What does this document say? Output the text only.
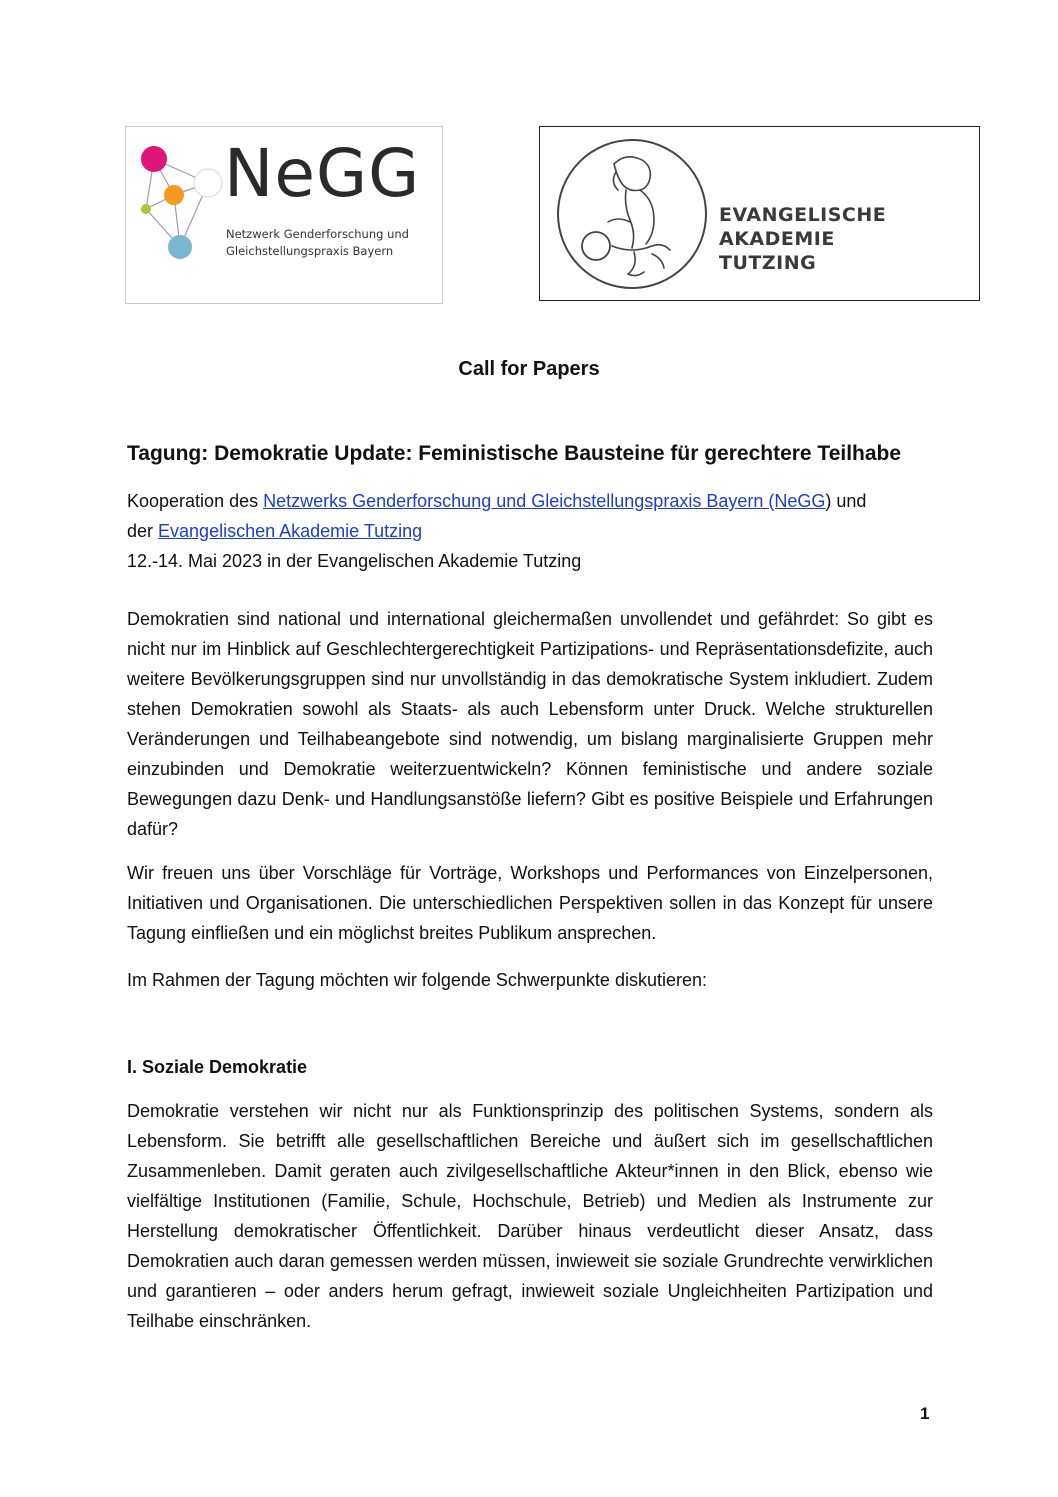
NeGG
Netzwerk Genderforschung und
Gleichstellungspraxis Bayern
EVANGELISCHE AKADEMIE
TUTZING
Call for Papers
Tagung: Demokratie Update: Feministische Bausteine für gerechtere Teilhabe
Kooperation des Netzwerks Genderforschung und Gleichstellungspraxis Bayern (NeGG) und
der Evangelischen Akademie Tutzing
12.-14. Mai 2023 in der Evangelischen Akademie Tutzing

Demokratien sind national und international gleichermaßen unvollendet und gefährdet: So gibt es nicht nur im Hinblick auf Geschlechtergerechtigkeit Partizipations- und Repräsentationsdefizite, auch weitere Bevölkerungsgruppen sind nur unvollständig in das demokratische System inkludiert. Zudem stehen Demokratien sowohl als Staats- als auch Lebensform unter Druck. Welche strukturellen Veränderungen und Teilhabeangebote sind notwendig, um bislang marginalisierte Gruppen mehr einzubinden und Demokratie weiterzuentwickeln? Können feministische und andere soziale Bewegungen dazu Denk- und Handlungsanstöße liefern? Gibt es positive Beispiele und Erfahrungen dafür?

Wir freuen uns über Vorschläge für Vorträge, Workshops und Performances von Einzelpersonen, Initiativen und Organisationen. Die unterschiedlichen Perspektiven sollen in das Konzept für unsere Tagung einfließen und ein möglichst breites Publikum ansprechen.

Im Rahmen der Tagung möchten wir folgende Schwerpunkte diskutieren:

I. Soziale Demokratie

Demokratie verstehen wir nicht nur als Funktionsprinzip des politischen Systems, sondern als Lebensform. Sie betrifft alle gesellschaftlichen Bereiche und äußert sich im gesellschaftlichen Zusammenleben. Damit geraten auch zivilgesellschaftliche Akteur*innen in den Blick, ebenso wie vielfältige Institutionen (Familie, Schule, Hochschule, Betrieb) und Medien als Instrumente zur Herstellung demokratischer Öffentlichkeit. Darüber hinaus verdeutlicht dieser Ansatz, dass Demokratien auch daran gemessen werden müssen, inwieweit sie soziale Grundrechte verwirklichen und garantieren – oder anders herum gefragt, inwieweit soziale Ungleichheiten Partizipation und Teilhabe einschränken.

1
